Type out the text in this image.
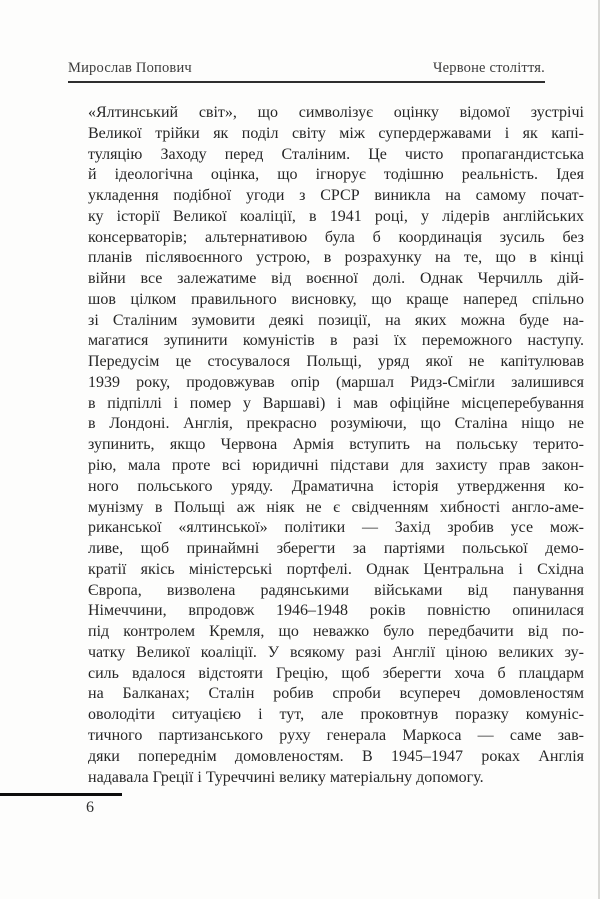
Мирослав Попович	Червоне століття.
«Ялтинський світ», що символізує оцінку відомої зустрічі
Великої трійки як поділ світу між супердержавами і як капі-
туляцію Заходу перед Сталіним. Це чисто пропагандистська
й ідеологічна оцінка, що ігнорує тодішню реальність. Ідея
укладення подібної угоди з СРСР виникла на самому почат-
ку історії Великої коаліції, в 1941 році, у лідерів англійських
консерваторів; альтернативою була б координація зусиль без
планів післявоєнного устрою, в розрахунку на те, що в кінці
війни все залежатиме від воєнної долі. Однак Черчилль дій-
шов цілком правильного висновку, що краще наперед спільно
зі Сталіним зумовити деякі позиції, на яких можна буде на-
магатися зупинити комуністів в разі їх переможного наступу.
Передусім це стосувалося Польщі, уряд якої не капітулював
1939 року, продовжував опір (маршал Ридз-Сміґли залишився
в підпіллі і помер у Варшаві) і мав офіційне місцеперебування
в Лондоні. Англія, прекрасно розуміючи, що Сталіна ніщо не
зупинить, якщо Червона Армія вступить на польську терито-
рію, мала проте всі юридичні підстави для захисту прав закон-
ного польського уряду. Драматична історія утвердження ко-
мунізму в Польщі аж ніяк не є свідченням хибності англо-аме-
риканської «ялтинської» політики — Захід зробив усе мож-
ливе, щоб принаймні зберегти за партіями польської демо-
кратії якісь міністерські портфелі. Однак Центральна і Східна
Європа, визволена радянськими військами від панування
Німеччини, впродовж 1946–1948 років повністю опинилася
під контролем Кремля, що неважко було передбачити від по-
чатку Великої коаліції. У всякому разі Англії ціною великих зу-
силь вдалося відстояти Грецію, щоб зберегти хоча б плацдарм
на Балканах; Сталін робив спроби всупереч домовленостям
оволодіти ситуацією і тут, але проковтнув поразку комуніс-
тичного партизанського руху генерала Маркоса — саме зав-
дяки попереднім домовленостям. В 1945–1947 роках Англія
надавала Греції і Туреччині велику матеріальну допомогу.
6
